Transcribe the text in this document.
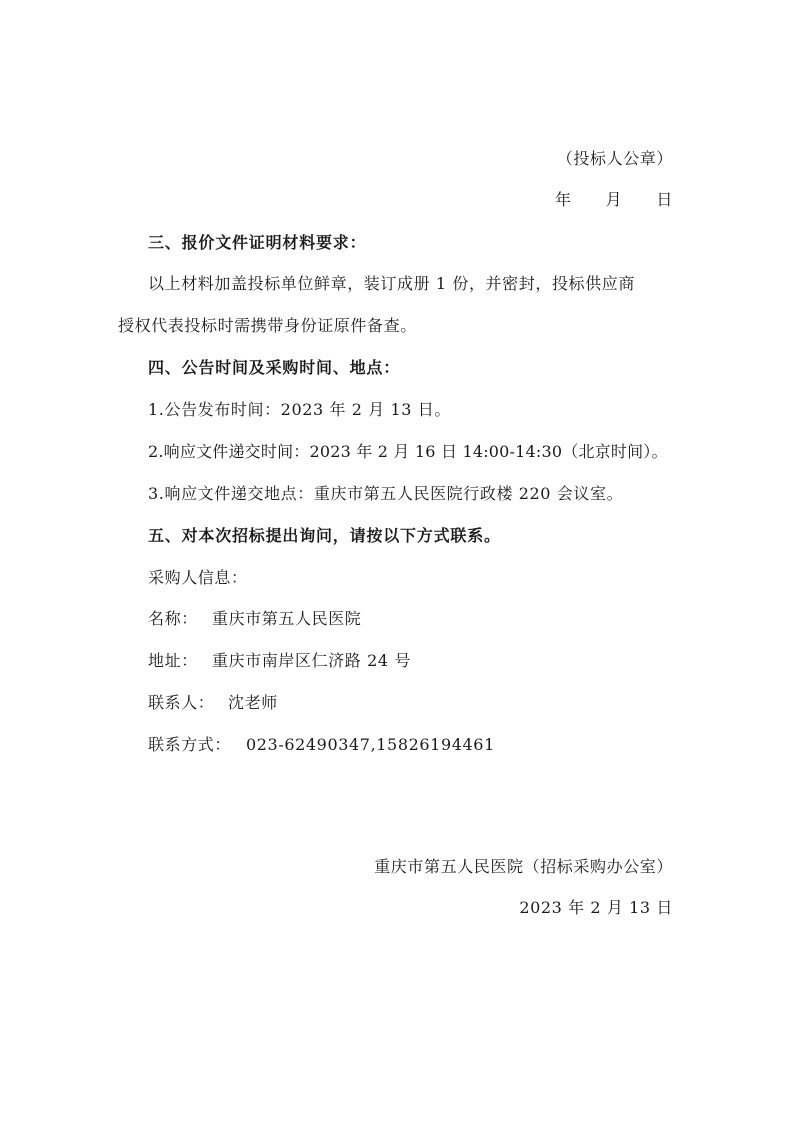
（投标人公章）
年      月      日
三、报价文件证明材料要求：
以上材料加盖投标单位鲜章，装订成册 1 份，并密封，投标供应商
授权代表投标时需携带身份证原件备查。
四、公告时间及采购时间、地点：
1.公告发布时间：2023 年 2 月 13 日。
2.响应文件递交时间：2023 年 2 月 16 日 14:00-14:30（北京时间）。
3.响应文件递交地点：重庆市第五人民医院行政楼 220 会议室。
五、对本次招标提出询问，请按以下方式联系。
采购人信息：
名称： 重庆市第五人民医院
地址： 重庆市南岸区仁济路 24 号
联系人： 沈老师
联系方式： 023-62490347,15826194461
重庆市第五人民医院（招标采购办公室）
2023 年 2 月 13 日
